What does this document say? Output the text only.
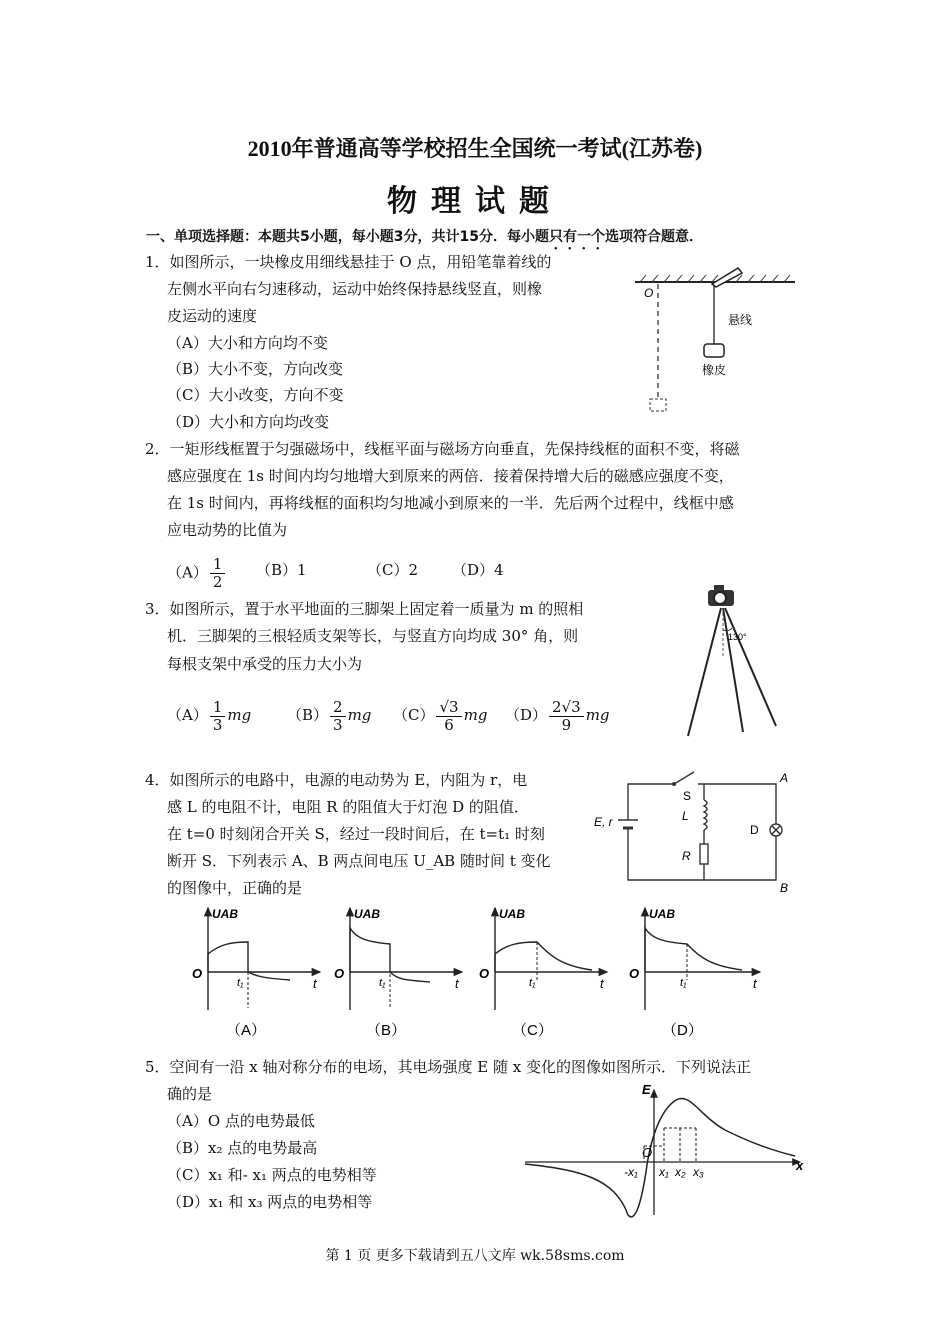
2010年普通高等学校招生全国统一考试(江苏卷)
物理试题
一、单项选择题：本题共5小题，每小题3分，共计15分．每小题只有一个选项符合题意．
1．如图所示，一块橡皮用细线悬挂于 O 点，用铅笔靠着线的
左侧水平向右匀速移动，运动中始终保持悬线竖直，则橡
皮运动的速度
（A）大小和方向均不变
（B）大小不变，方向改变
（C）大小改变，方向不变
（D）大小和方向均改变
O
悬线
橡皮
2．一矩形线框置于匀强磁场中，线框平面与磁场方向垂直，先保持线框的面积不变，将磁
感应强度在 1s 时间内均匀地增大到原来的两倍．接着保持增大后的磁感应强度不变，
在 1s 时间内，再将线框的面积均匀地减小到原来的一半．先后两个过程中，线框中感
应电动势的比值为
$(A) \frac{1}{2} (B)1$	（C）2 （D）4
3．如图所示，置于水平地面的三脚架上固定着一质量为 m 的照相
机．三脚架的三根轻质支架等长，与竖直方向均成 30° 角，则
每根支架中承受的压力大小为
$(A) \frac{1}{3}$ mg $(B) \frac{2}{3}$ mg $(C) \frac{√3}{6}$ mg $(D) \frac{2√3}{9}$ mg
130°
4．如图所示的电路中，电源的电动势为 E，内阻为 r，电
感 L 的电阻不计，电阻 R 的阻值大于灯泡 D 的阻值．
在 t=0 时刻闭合开关 S，经过一段时间后，在 t=t₁ 时刻
断开 S．下列表示 A、B 两点间电压 U_AB 随时间 t 变化
的图像中，正确的是
S
E, r	L
R
D
A
B
UAB
O
t₁	t
（A）
UAB
O
t₁	t
（B）
UAB
O
t₁	t
（C）
UAB
O
t₁	t
（D）
5．空间有一沿 x 轴对称分布的电场，其电场强度 E 随 x 变化的图像如图所示．下列说法正
确的是
（A）O 点的电势最低
（B）x₂ 点的电势最高
（C）x₁ 和- x₁ 两点的电势相等
（D）x₁ 和 x₃ 两点的电势相等
E
O
x
-x₁ x₁ x₂ x₃
第 1 页 更多下载请到五八文库 wk.58sms.com
